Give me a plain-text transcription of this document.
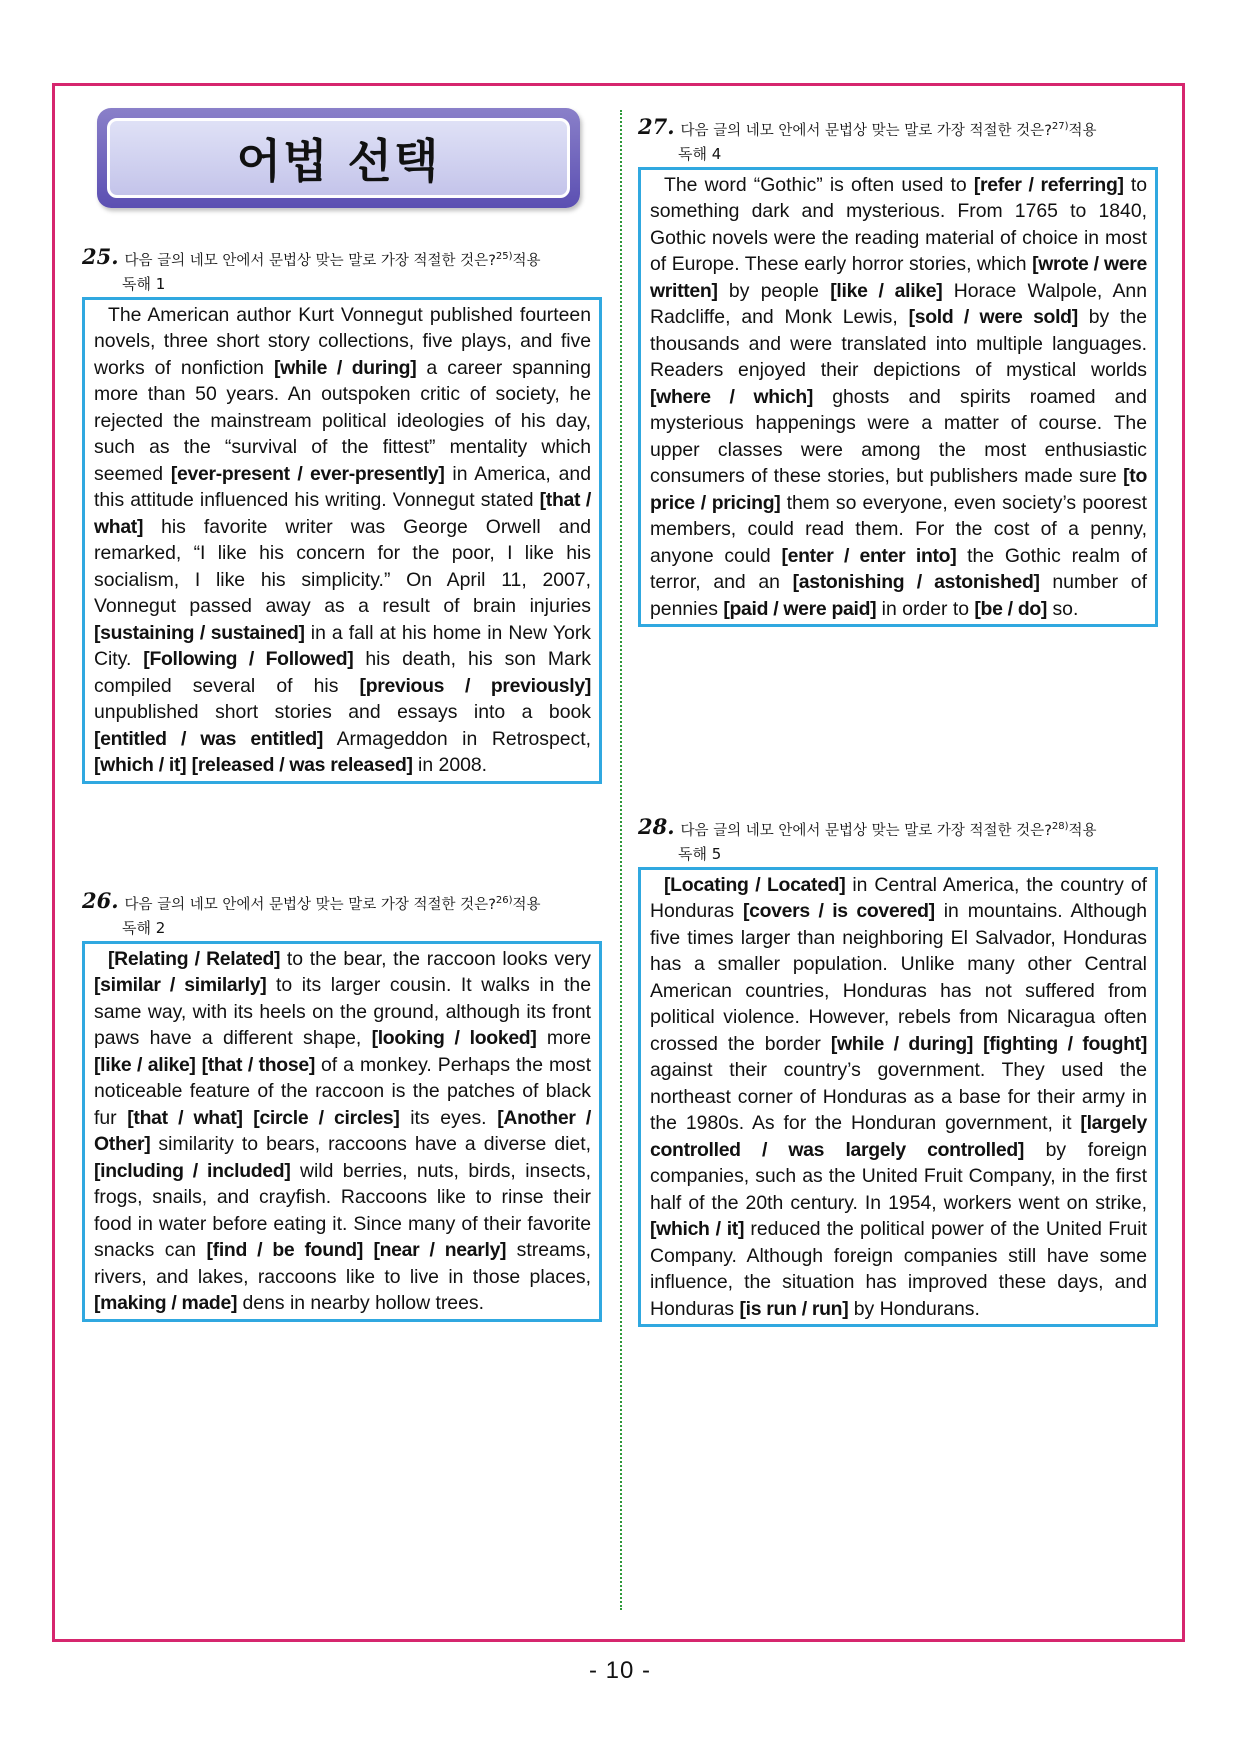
어법 선택
25. 다음 글의 네모 안에서 문법상 맞는 말로 가장 적절한 것은?$^{25)}$적용
독해 1
The American author Kurt Vonnegut published fourteen novels, three short story collections, five plays, and five works of nonfiction [while / during] a career spanning more than 50 years. An outspoken critic of society, he rejected the mainstream political ideologies of his day, such as the “survival of the fittest” mentality which seemed [ever-present / ever-presently] in America, and this attitude influenced his writing. Vonnegut stated [that / what] his favorite writer was George Orwell and remarked, “I like his concern for the poor, I like his socialism, I like his simplicity.” On April 11, 2007, Vonnegut passed away as a result of brain injuries [sustaining / sustained] in a fall at his home in New York City. [Following / Followed] his death, his son Mark compiled several of his [previous / previously] unpublished short stories and essays into a book [entitled / was entitled] Armageddon in Retrospect, [which / it] [released / was released] in 2008.
26. 다음 글의 네모 안에서 문법상 맞는 말로 가장 적절한 것은?$^{26)}$적용
독해 2
[Relating / Related] to the bear, the raccoon looks very [similar / similarly] to its larger cousin. It walks in the same way, with its heels on the ground, although its front paws have a different shape, [looking / looked] more [like / alike] [that / those] of a monkey. Perhaps the most noticeable feature of the raccoon is the patches of black fur [that / what] [circle / circles] its eyes. [Another / Other] similarity to bears, raccoons have a diverse diet, [including / included] wild berries, nuts, birds, insects, frogs, snails, and crayfish. Raccoons like to rinse their food in water before eating it. Since many of their favorite snacks can [find / be found] [near / nearly] streams, rivers, and lakes, raccoons like to live in those places, [making / made] dens in nearby hollow trees.
27. 다음 글의 네모 안에서 문법상 맞는 말로 가장 적절한 것은?$^{27)}$적용
독해 4
The word “Gothic” is often used to [refer / referring] to something dark and mysterious. From 1765 to 1840, Gothic novels were the reading material of choice in most of Europe. These early horror stories, which [wrote / were written] by people [like / alike] Horace Walpole, Ann Radcliffe, and Monk Lewis, [sold / were sold] by the thousands and were translated into multiple languages. Readers enjoyed their depictions of mystical worlds [where / which] ghosts and spirits roamed and mysterious happenings were a matter of course. The upper classes were among the most enthusiastic consumers of these stories, but publishers made sure [to price / pricing] them so everyone, even society’s poorest members, could read them. For the cost of a penny, anyone could [enter / enter into] the Gothic realm of terror, and an [astonishing / astonished] number of pennies [paid / were paid] in order to [be / do] so.
28. 다음 글의 네모 안에서 문법상 맞는 말로 가장 적절한 것은?$^{28)}$적용
독해 5
[Locating / Located] in Central America, the country of Honduras [covers / is covered] in mountains. Although five times larger than neighboring El Salvador, Honduras has a smaller population. Unlike many other Central American countries, Honduras has not suffered from political violence. However, rebels from Nicaragua often crossed the border [while / during] [fighting / fought] against their country’s government. They used the northeast corner of Honduras as a base for their army in the 1980s. As for the Honduran government, it [largely controlled / was largely controlled] by foreign companies, such as the United Fruit Company, in the first half of the 20th century. In 1954, workers went on strike, [which / it] reduced the political power of the United Fruit Company. Although foreign companies still have some influence, the situation has improved these days, and Honduras [is run / run] by Hondurans.
- 10 -
